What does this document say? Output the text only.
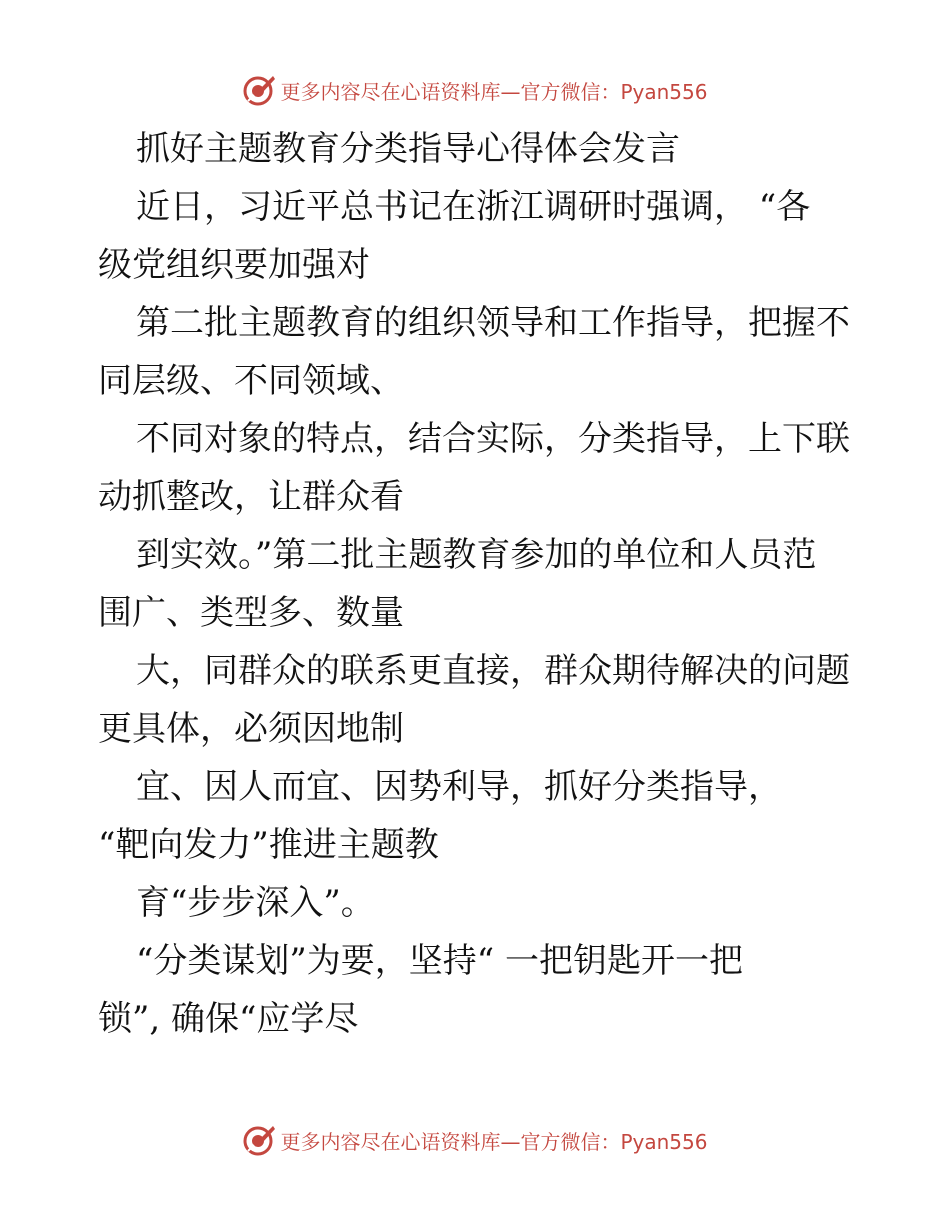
更多内容尽在心语资料库—官方微信：Pyan556
抓好主题教育分类指导心得体会发言
近日，习近平总书记在浙江调研时强调， “各
级党组织要加强对
第二批主题教育的组织领导和工作指导，把握不
同层级、不同领域、
不同对象的特点，结合实际，分类指导，上下联
动抓整改，让群众看
到实效。”第二批主题教育参加的单位和人员范
围广、类型多、数量
大，同群众的联系更直接，群众期待解决的问题
更具体，必须因地制
宜、因人而宜、因势利导，抓好分类指导，
“靶向发力”推进主题教
育“步步深入”。
“分类谋划”为要，坚持“ 一把钥匙开一把
锁”, 确保“应学尽
更多内容尽在心语资料库—官方微信：Pyan556
